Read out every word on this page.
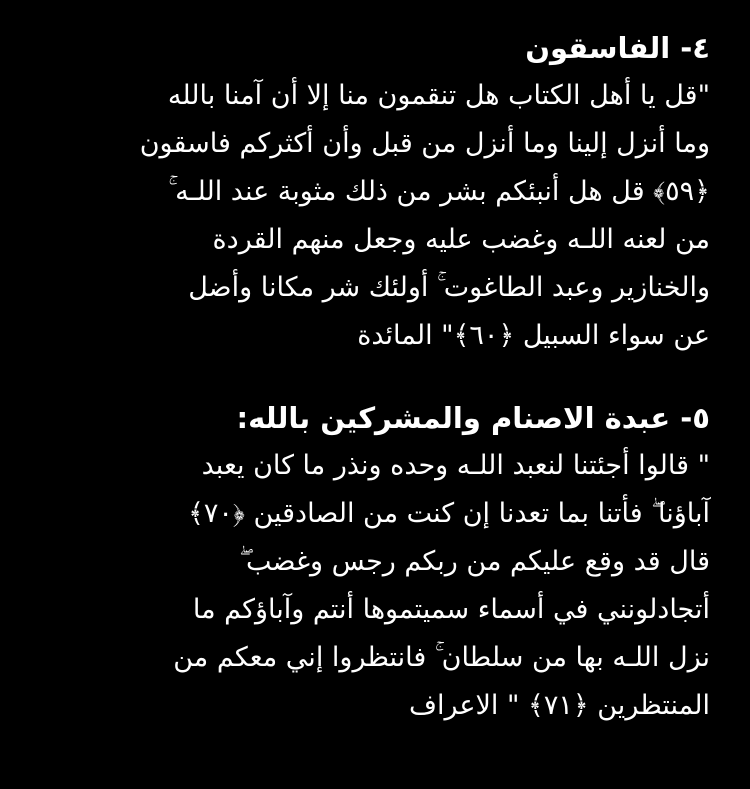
٤- الفاسقون
"قل يا أهل الكتاب هل تنقمون منا إلا أن آمنا بالله
وما أنزل إلينا وما أنزل من قبل وأن أكثركم فاسقون
﴿٥٩﴾ قل هل أنبئكم بشر من ذلك مثوبة عند اللـه ۚ
من لعنه اللـه وغضب عليه وجعل منهم القردة
والخنازير وعبد الطاغوت ۚ أولئك شر مكانا وأضل
عن سواء السبيل ﴿٦٠﴾" المائدة
٥- عبدة الاصنام والمشركين بالله:
" قالوا أجئتنا لنعبد اللـه وحده ونذر ما كان يعبد
آباؤنا ۖ فأتنا بما تعدنا إن كنت من الصادقين ﴿٧٠﴾
قال قد وقع عليكم من ربكم رجس وغضب ۖ
أتجادلونني في أسماء سميتموها أنتم وآباؤكم ما
نزل اللـه بها من سلطان ۚ فانتظروا إني معكم من
المنتظرين ﴿٧١﴾ " الاعراف
